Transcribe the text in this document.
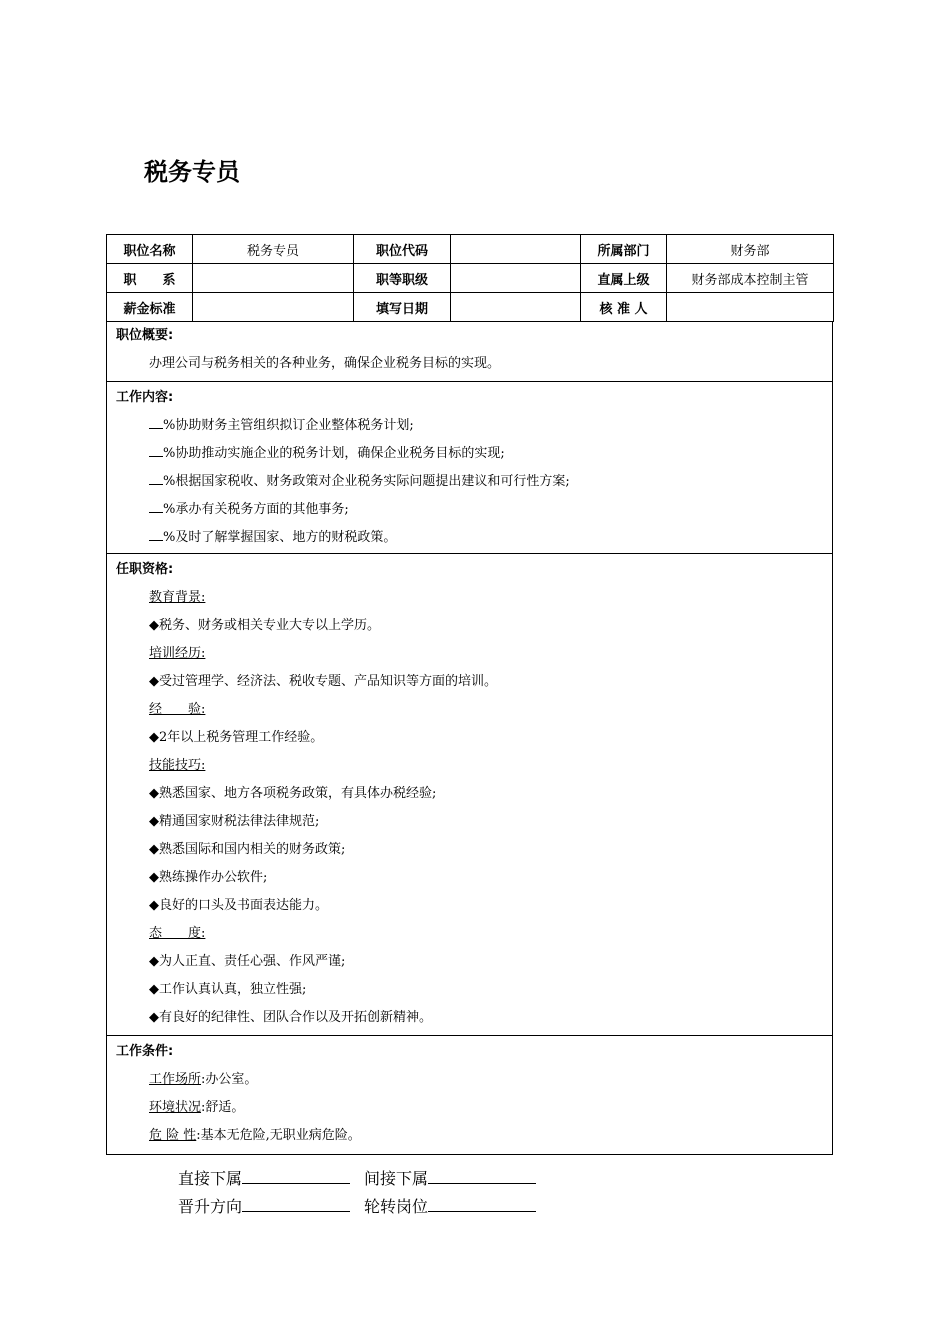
税务专员
职位名称	税务专员	职位代码		所属部门	财务部
职　　系		职等职级		直属上级	财务部成本控制主管
薪金标准		填写日期		核 准 人	
职位概要:
办理公司与税务相关的各种业务，确保企业税务目标的实现。
工作内容:
%协助财务主管组织拟订企业整体税务计划;
%协助推动实施企业的税务计划，确保企业税务目标的实现;
%根据国家税收、财务政策对企业税务实际问题提出建议和可行性方案;
%承办有关税务方面的其他事务;
%及时了解掌握国家、地方的财税政策。
任职资格:
教育背景:
◆税务、财务或相关专业大专以上学历。
培训经历:
◆受过管理学、经济法、税收专题、产品知识等方面的培训。
经　　验:
◆2年以上税务管理工作经验。
技能技巧:
◆熟悉国家、地方各项税务政策，有具体办税经验;
◆精通国家财税法律法律规范;
◆熟悉国际和国内相关的财务政策;
◆熟练操作办公软件;
◆良好的口头及书面表达能力。
态　　度:
◆为人正直、责任心强、作风严谨;
◆工作认真认真，独立性强;
◆有良好的纪律性、团队合作以及开拓创新精神。
工作条件:
工作场所:办公室。
环境状况:舒适。
危 险 性:基本无危险,无职业病危险。
直接下属	间接下属
晋升方向	轮转岗位
